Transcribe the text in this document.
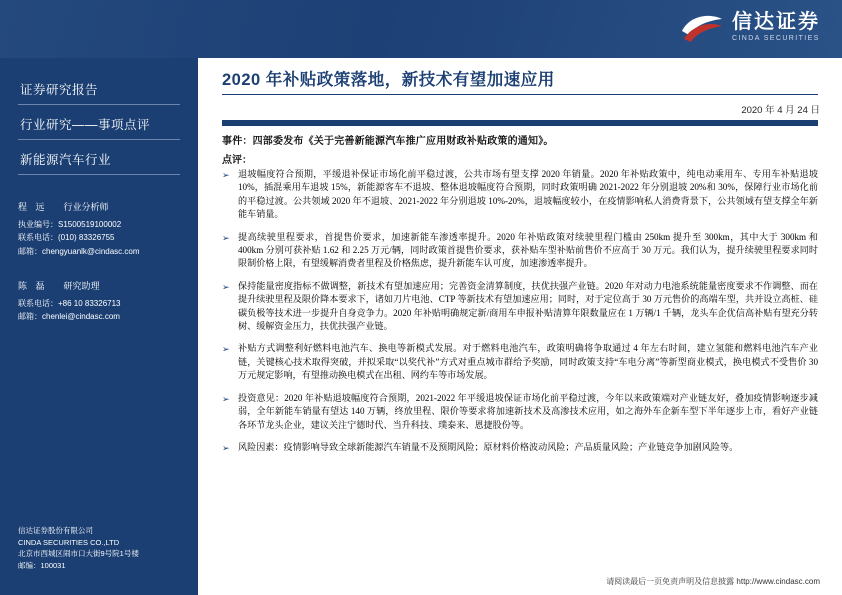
信达证券
CINDA SECURITIES
证券研究报告
行业研究——事项点评
新能源汽车行业
程 远 行业分析师
执业编号：S1500519100002
联系电话：(010) 83326755
邮箱：chengyuanlk@cindasc.com
陈 磊 研究助理
联系电话：+86 10 83326713
邮箱：chenlei@cindasc.com
信达证券股份有限公司
CINDA SECURITIES CO.,LTD
北京市西城区闹市口大街9号院1号楼
邮编：100031
2020 年补贴政策落地，新技术有望加速应用
2020 年 4 月 24 日
事件：四部委发布《关于完善新能源汽车推广应用财政补贴政策的通知》。
点评：
➢ 退坡幅度符合预期，平缓退补保证市场化前平稳过渡，公共市场有望支撑 2020 年销量。2020 年补贴政策中，纯电动乘用车、专用车补贴退坡 10%，插混乘用车退坡 15%，新能源客车不退坡、整体退坡幅度符合预期，同时政策明确 2021-2022 年分别退坡 20%和 30%，保障行业市场化前的平稳过渡。公共领域 2020 年不退坡、2021-2022 年分别退坡 10%-20%，退坡幅度较小，在疫情影响私人消费背景下，公共领域有望支撑全年新能车销量。
➢ 提高续驶里程要求，首提售价要求，加速新能车渗透率提升。2020 年补贴政策对续驶里程门槛由 250km 提升至 300km，其中大于 300km 和 400km 分别可获补贴 1.62 和 2.25 万元/辆，同时政策首提售价要求，获补贴车型补贴前售价不应高于 30 万元。我们认为，提升续驶里程要求同时限制价格上限，有望缓解消费者里程及价格焦虑，提升新能车认可度，加速渗透率提升。
➢ 保持能量密度指标不做调整，新技术有望加速应用；完善资金清算制度，扶优扶强产业链。2020 年对动力电池系统能量密度要求不作调整、而在提升续驶里程及限价降本要求下，诸如刀片电池、CTP 等新技术有望加速应用；同时，对于定位高于 30 万元售价的高端车型，共并设立高桩、硅碳负极等技术进一步提升自身竞争力。2020 年补贴明确规定新/商用车申报补贴清算年限数量应在 1 万辆/1 千辆，龙头车企优信高补贴有望充分转树、缓解资金压力，扶优扶强产业链。
➢ 补贴方式调整利好燃料电池汽车、换电等新模式发展。对于燃料电池汽车，政策明确将争取通过 4 年左右时间，建立氢能和燃料电池汽车产业链，关键核心技术取得突破，并拟采取“以奖代补”方式对重点城市群给予奖励，同时政策支持“车电分离”等新型商业模式，换电模式不受售价 30 万元规定影响，有望推动换电模式在出租、网约车等市场发展。
➢ 投资意见：2020 年补贴退坡幅度符合预期，2021-2022 年平缓退坡保证市场化前平稳过渡，今年以来政策端对产业链友好，叠加疫情影响逐步减弱，全年新能车销量有望达 140 万辆，终放里程、限价等要求将加速新技术及高渗技术应用，如之海外车企新车型下半年逐步上市，看好产业链各环节龙头企业，建议关注宁德时代、当升科技、璞泰来、恩捷股份等。
➢ 风险因素：疫情影响导致全球新能源汽车销量不及预期风险；原材料价格波动风险；产品质量风险；产业链竞争加剧风险等。
请阅读最后一页免责声明及信息披露 http://www.cindasc.com
